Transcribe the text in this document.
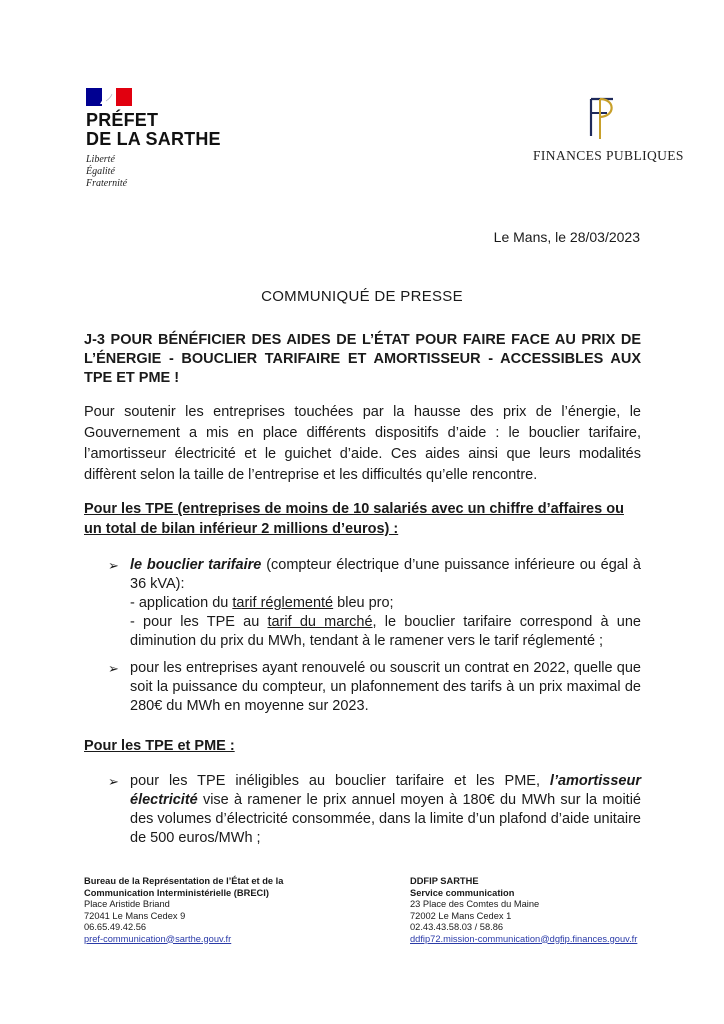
PRÉFET
DE LA SARTHE
Liberté
Égalité
Fraternité
FINANCES PUBLIQUES
Le Mans, le 28/03/2023
COMMUNIQUÉ DE PRESSE
J-3 POUR BÉNÉFICIER DES AIDES DE L’ÉTAT POUR FAIRE FACE AU PRIX DE L’ÉNERGIE - BOUCLIER TARIFAIRE ET AMORTISSEUR - ACCESSIBLES AUX TPE ET PME !
Pour soutenir les entreprises touchées par la hausse des prix de l’énergie, le Gouvernement a mis en place différents dispositifs d’aide : le bouclier tarifaire, l’amortisseur électricité et le guichet d’aide. Ces aides ainsi que leurs modalités diffèrent selon la taille de l’entreprise et les difficultés qu’elle rencontre.
Pour les TPE (entreprises de moins de 10 salariés avec un chiffre d’affaires ou un total de bilan inférieur 2 millions d’euros) :
➢ le bouclier tarifaire (compteur électrique d’une puissance inférieure ou égal à 36 kVA):
- application du tarif réglementé bleu pro;
- pour les TPE au tarif du marché, le bouclier tarifaire correspond à une diminution du prix du MWh, tendant à le ramener vers le tarif réglementé ;
➢ pour les entreprises ayant renouvelé ou souscrit un contrat en 2022, quelle que soit la puissance du compteur, un plafonnement des tarifs à un prix maximal de 280€ du MWh en moyenne sur 2023.
Pour les TPE et PME :
➢ pour les TPE inéligibles au bouclier tarifaire et les PME, l’amortisseur électricité vise à ramener le prix annuel moyen à 180€ du MWh sur la moitié des volumes d’électricité consommée, dans la limite d’un plafond d’aide unitaire de 500 euros/MWh ;
Bureau de la Représentation de l’État et de la
Communication Interministérielle (BRECI)
Place Aristide Briand
72041 Le Mans Cedex 9
06.65.49.42.56
pref-communication@sarthe.gouv.fr
DDFIP SARTHE
Service communication
23 Place des Comtes du Maine
72002 Le Mans Cedex 1
02.43.43.58.03 / 58.86
ddfip72.mission-communication@dgfip.finances.gouv.fr
